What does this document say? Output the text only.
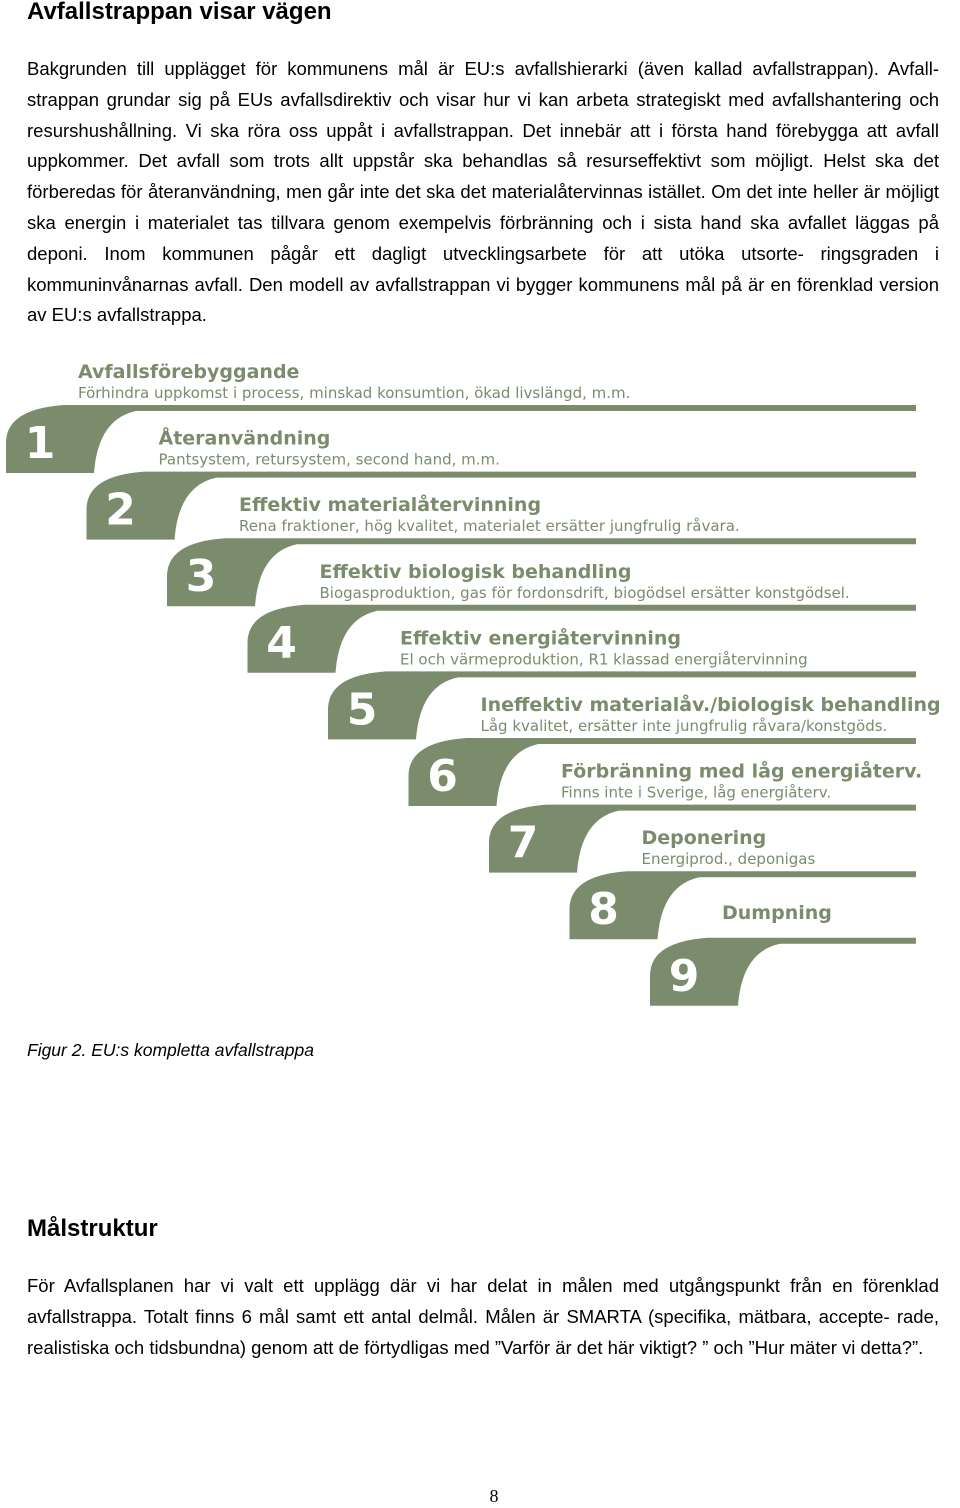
Avfallstrappan visar vägen

Bakgrunden till upplägget för kommunens mål är EU:s avfallshierarki (även kallad avfallstrappan). Avfall- strappan grundar sig på EUs avfallsdirektiv och visar hur vi kan arbeta strategiskt med avfallshantering och resurshushållning. Vi ska röra oss uppåt i avfallstrappan. Det innebär att i första hand förebygga att avfall uppkommer. Det avfall som trots allt uppstår ska behandlas så resurseffektivt som möjligt. Helst ska det förberedas för återanvändning, men går inte det ska det materialåtervinnas istället. Om det inte heller är möjligt ska energin i materialet tas tillvara genom exempelvis förbränning och i sista hand ska avfallet läggas på deponi. Inom kommunen pågår ett dagligt utvecklingsarbete för att utöka utsorte- ringsgraden i kommuninvånarnas avfall. Den modell av avfallstrappan vi bygger kommunens mål på är en förenklad version av EU:s avfallstrappa.

1
Avfallsförebyggande
Förhindra uppkomst i process, minskad konsumtion, ökad livslängd, m.m.
2
Återanvändning
Pantsystem, retursystem, second hand, m.m.
3
Effektiv materialåtervinning
Rena fraktioner, hög kvalitet, materialet ersätter jungfrulig råvara.
4
Effektiv biologisk behandling
Biogasproduktion, gas för fordonsdrift, biogödsel ersätter konstgödsel.
5
Effektiv energiåtervinning
El och värmeproduktion, R1 klassad energiåtervinning
6
Ineffektiv materialåv./biologisk behandling
Låg kvalitet, ersätter inte jungfrulig råvara/konstgöds.
7
Förbränning med låg energiåterv.
Finns inte i Sverige, låg energiåterv.
8
Deponering
Energiprod., deponigas
9
Dumpning

Figur 2. EU:s kompletta avfallstrappa

Målstruktur

För Avfallsplanen har vi valt ett upplägg där vi har delat in målen med utgångspunkt från en förenklad avfallstrappa. Totalt finns 6 mål samt ett antal delmål. Målen är SMARTA (specifika, mätbara, accepte- rade, realistiska och tidsbundna) genom att de förtydligas med ”Varför är det här viktigt? ” och ”Hur mäter vi detta?”.

8
